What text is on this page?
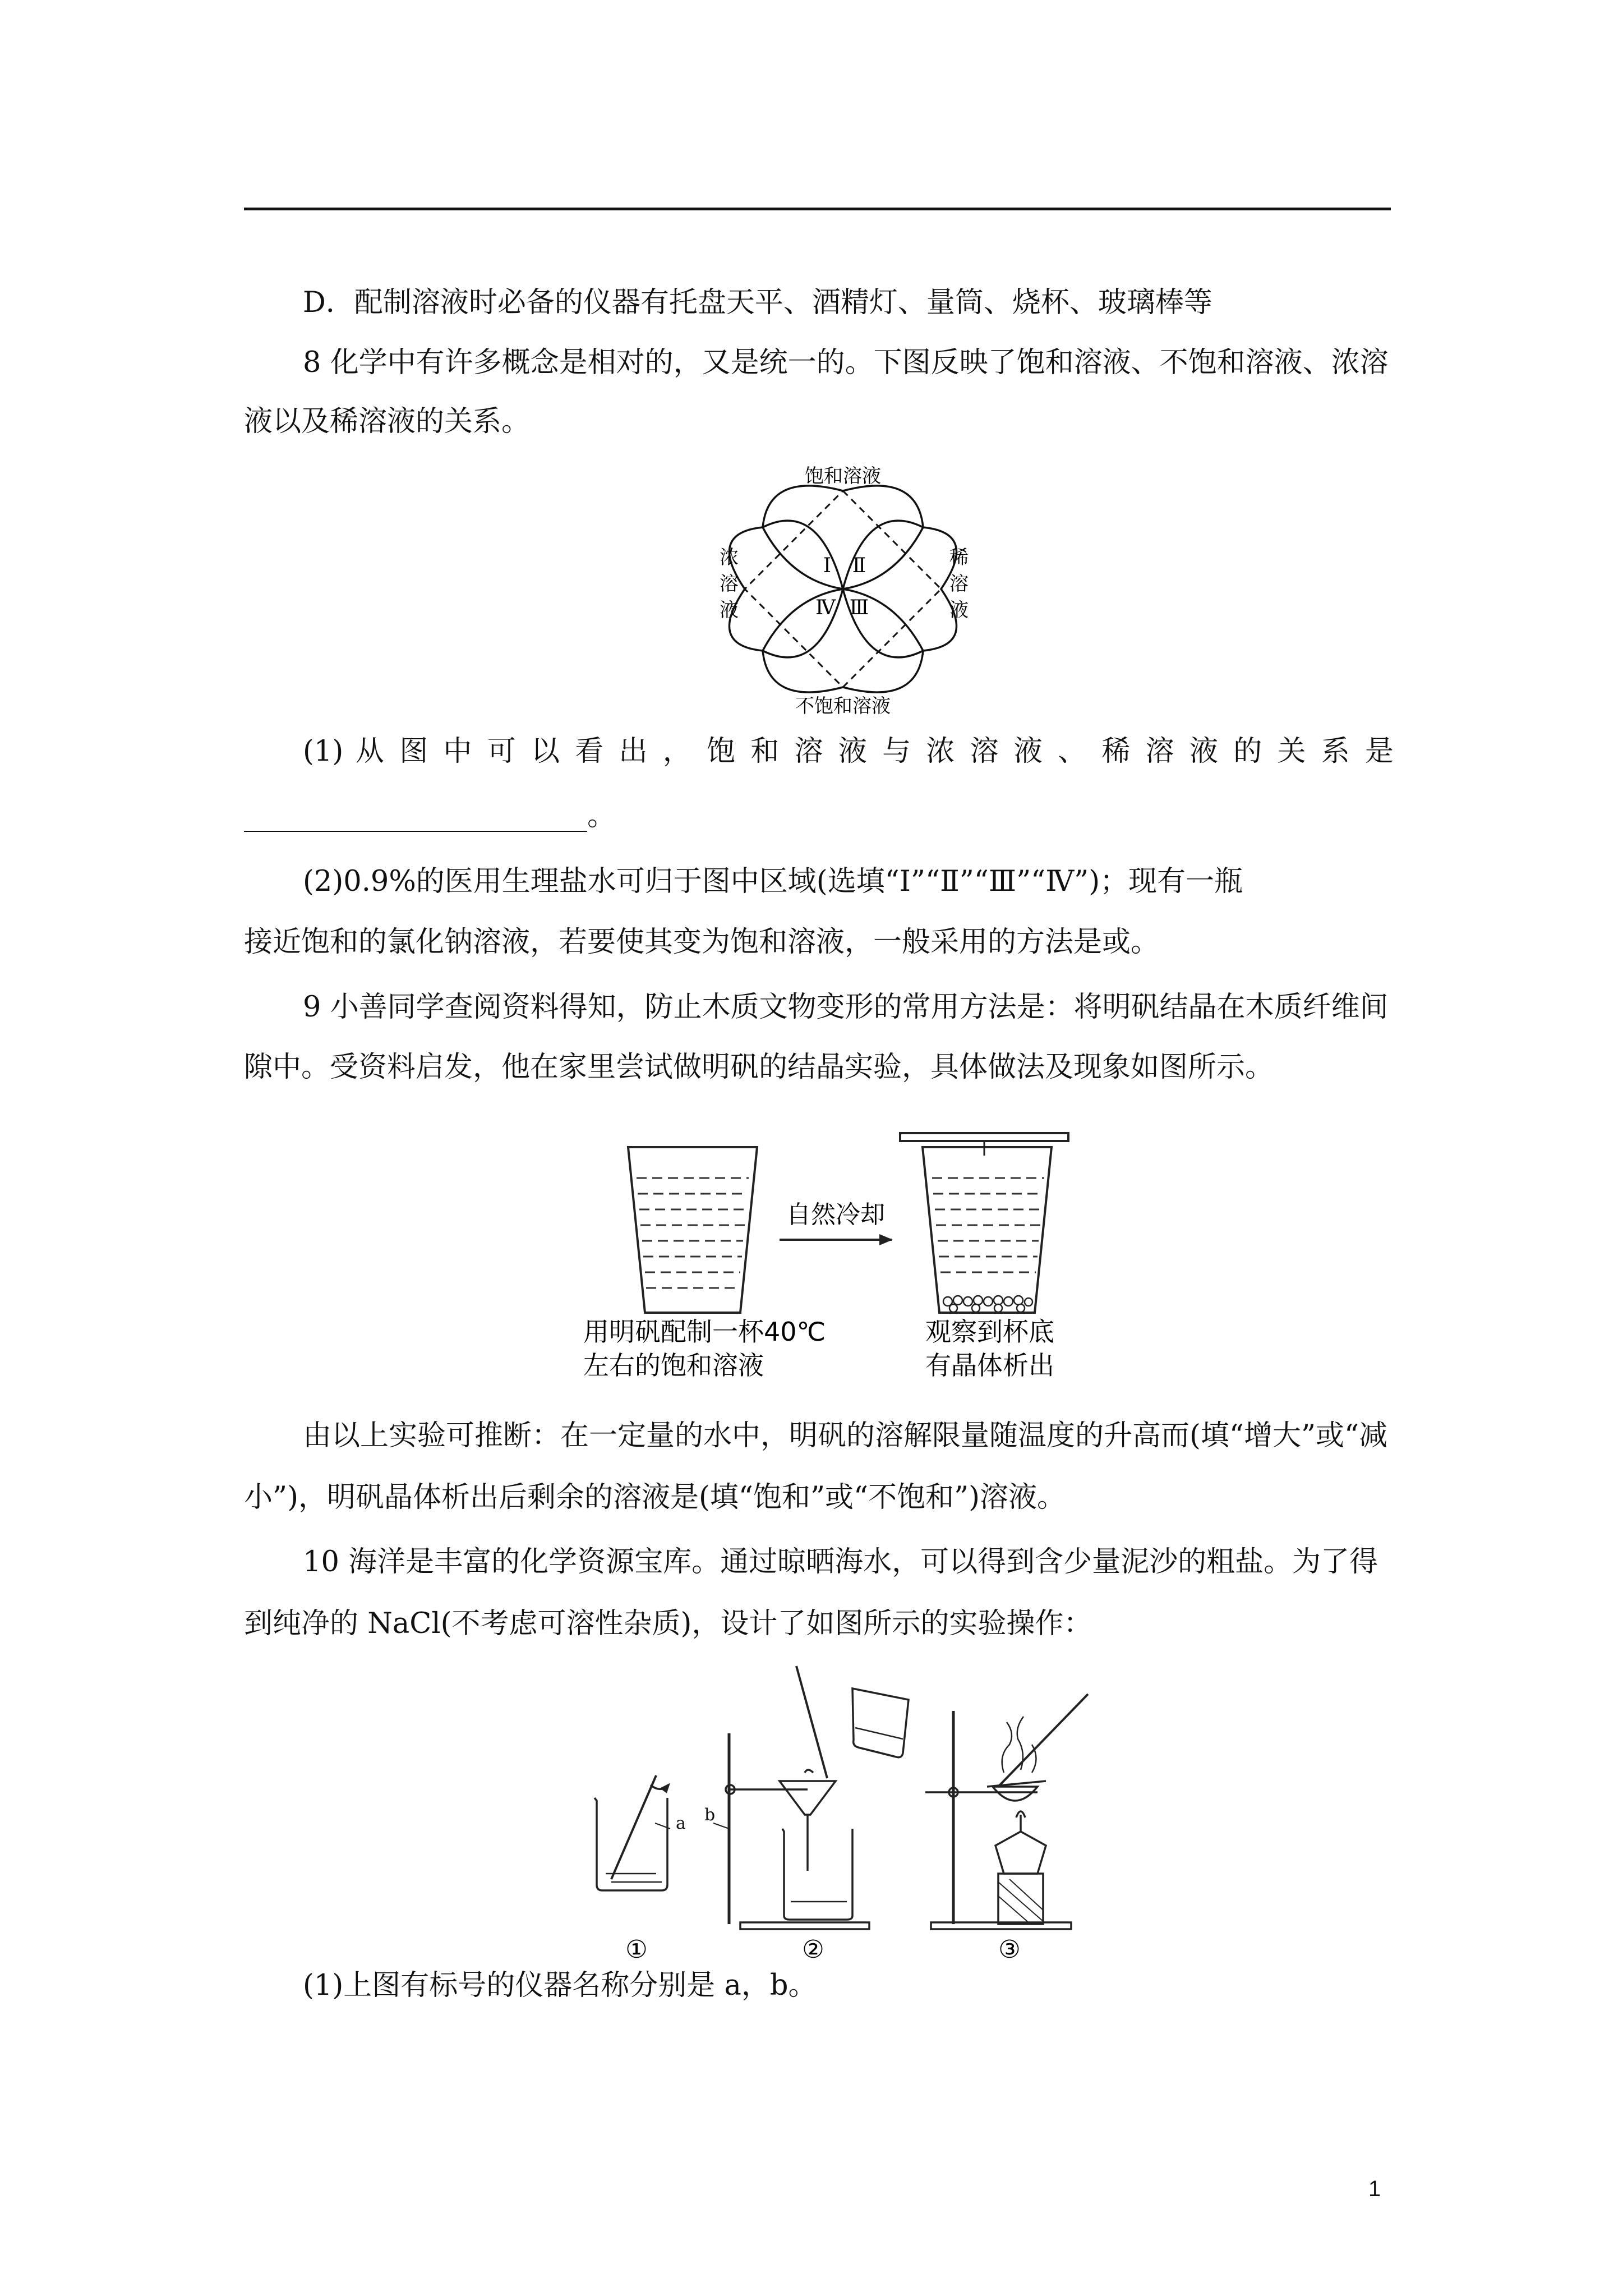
D．配制溶液时必备的仪器有托盘天平、酒精灯、量筒、烧杯、玻璃棒等
8 化学中有许多概念是相对的，又是统一的。下图反映了饱和溶液、不饱和溶液、浓溶
液以及稀溶液的关系。
饱和溶液
不饱和溶液
浓
溶
液
稀
溶
液
Ⅰ Ⅱ
Ⅲ
Ⅳ
(1) 从 图 中 可 以 看 出 ， 饱 和 溶 液 与 浓 溶 液 、 稀 溶 液 的 关 系 是
________________________。
(2)0.9%的医用生理盐水可归于图中区域(选填“Ⅰ”“Ⅱ”“Ⅲ”“Ⅳ”)；现有一瓶
接近饱和的氯化钠溶液，若要使其变为饱和溶液，一般采用的方法是或。
9 小善同学查阅资料得知，防止木质文物变形的常用方法是：将明矾结晶在木质纤维间
隙中。受资料启发，他在家里尝试做明矾的结晶实验，具体做法及现象如图所示。
自然冷却
用明矾配制一杯40℃
左右的饱和溶液
观察到杯底
有晶体析出
由以上实验可推断：在一定量的水中，明矾的溶解限量随温度的升高而(填“增大”或“减
小”)，明矾晶体析出后剩余的溶液是(填“饱和”或“不饱和”)溶液。
10 海洋是丰富的化学资源宝库。通过晾晒海水，可以得到含少量泥沙的粗盐。为了得
到纯净的 NaCl(不考虑可溶性杂质)，设计了如图所示的实验操作：
a b
①	②	③
(1)上图有标号的仪器名称分别是 a，b。
1
